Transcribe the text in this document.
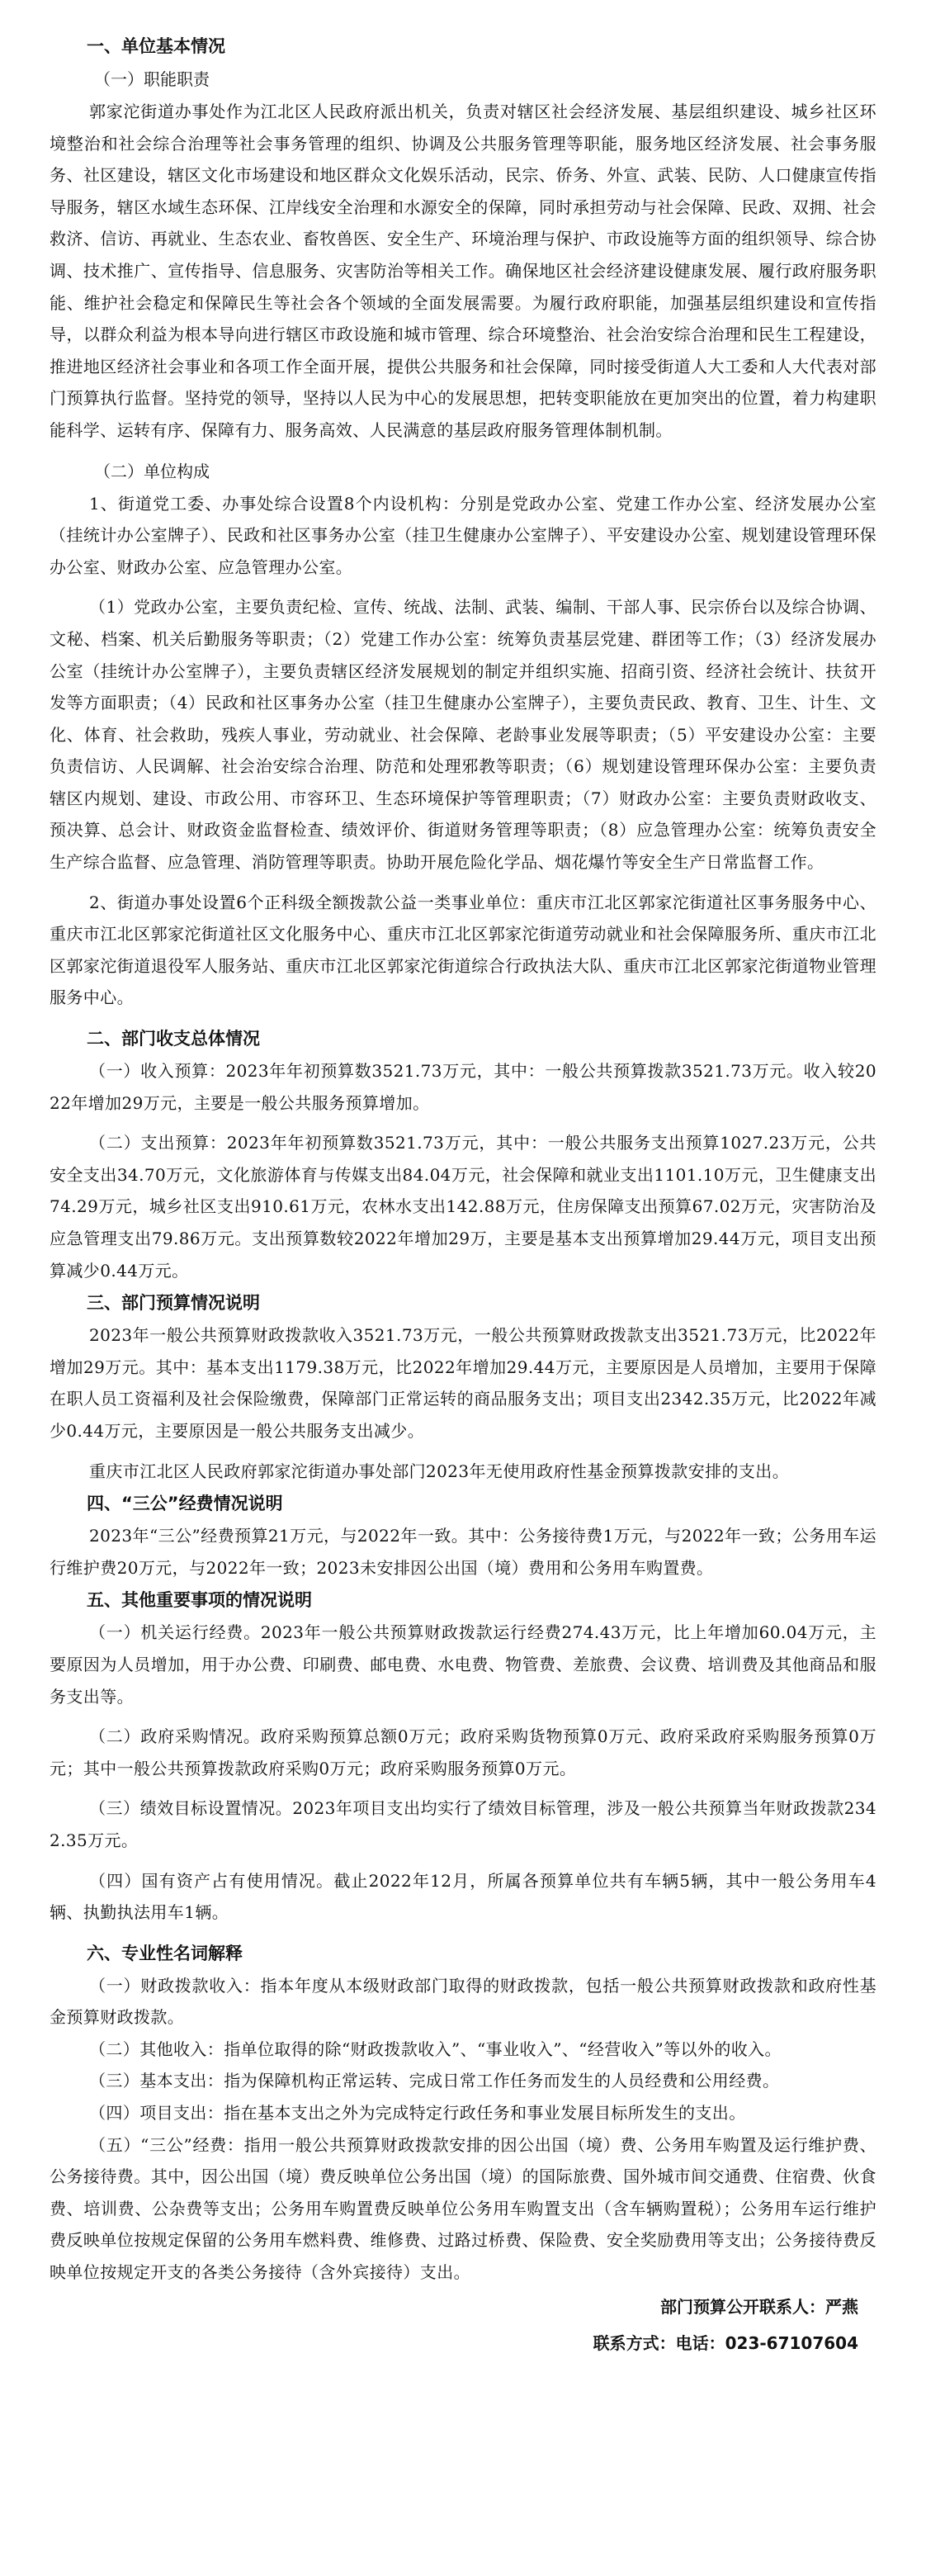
一、单位基本情况

（一）职能职责

郭家沱街道办事处作为江北区人民政府派出机关，负责对辖区社会经济发展、基层组织建设、城乡社区环境整治和社会综合治理等社会事务管理的组织、协调及公共服务管理等职能，服务地区经济发展、社会事务服务、社区建设，辖区文化市场建设和地区群众文化娱乐活动，民宗、侨务、外宣、武装、民防、人口健康宣传指导服务，辖区水域生态环保、江岸线安全治理和水源安全的保障，同时承担劳动与社会保障、民政、双拥、社会救济、信访、再就业、生态农业、畜牧兽医、安全生产、环境治理与保护、市政设施等方面的组织领导、综合协调、技术推广、宣传指导、信息服务、灾害防治等相关工作。确保地区社会经济建设健康发展、履行政府服务职能、维护社会稳定和保障民生等社会各个领域的全面发展需要。为履行政府职能，加强基层组织建设和宣传指导，以群众利益为根本导向进行辖区市政设施和城市管理、综合环境整治、社会治安综合治理和民生工程建设，推进地区经济社会事业和各项工作全面开展，提供公共服务和社会保障，同时接受街道人大工委和人大代表对部门预算执行监督。坚持党的领导，坚持以人民为中心的发展思想，把转变职能放在更加突出的位置，着力构建职能科学、运转有序、保障有力、服务高效、人民满意的基层政府服务管理体制机制。

（二）单位构成

1、街道党工委、办事处综合设置8个内设机构：分别是党政办公室、党建工作办公室、经济发展办公室（挂统计办公室牌子）、民政和社区事务办公室（挂卫生健康办公室牌子）、平安建设办公室、规划建设管理环保办公室、财政办公室、应急管理办公室。

（1）党政办公室，主要负责纪检、宣传、统战、法制、武装、编制、干部人事、民宗侨台以及综合协调、文秘、档案、机关后勤服务等职责；（2）党建工作办公室：统筹负责基层党建、群团等工作；（3）经济发展办公室（挂统计办公室牌子），主要负责辖区经济发展规划的制定并组织实施、招商引资、经济社会统计、扶贫开发等方面职责；（4）民政和社区事务办公室（挂卫生健康办公室牌子），主要负责民政、教育、卫生、计生、文化、体育、社会救助，残疾人事业，劳动就业、社会保障、老龄事业发展等职责；（5）平安建设办公室：主要负责信访、人民调解、社会治安综合治理、防范和处理邪教等职责；（6）规划建设管理环保办公室：主要负责辖区内规划、建设、市政公用、市容环卫、生态环境保护等管理职责；（7）财政办公室：主要负责财政收支、预决算、总会计、财政资金监督检查、绩效评价、街道财务管理等职责；（8）应急管理办公室：统筹负责安全生产综合监督、应急管理、消防管理等职责。协助开展危险化学品、烟花爆竹等安全生产日常监督工作。

2、街道办事处设置6个正科级全额拨款公益一类事业单位：重庆市江北区郭家沱街道社区事务服务中心、重庆市江北区郭家沱街道社区文化服务中心、重庆市江北区郭家沱街道劳动就业和社会保障服务所、重庆市江北区郭家沱街道退役军人服务站、重庆市江北区郭家沱街道综合行政执法大队、重庆市江北区郭家沱街道物业管理服务中心。

二、部门收支总体情况

（一）收入预算：2023年年初预算数3521.73万元，其中：一般公共预算拨款3521.73万元。收入较2022年增加29万元，主要是一般公共服务预算增加。

（二）支出预算：2023年年初预算数3521.73万元，其中：一般公共服务支出预算1027.23万元，公共安全支出34.70万元，文化旅游体育与传媒支出84.04万元，社会保障和就业支出1101.10万元，卫生健康支出74.29万元，城乡社区支出910.61万元，农林水支出142.88万元，住房保障支出预算67.02万元，灾害防治及应急管理支出79.86万元。支出预算数较2022年增加29万，主要是基本支出预算增加29.44万元，项目支出预算减少0.44万元。

三、部门预算情况说明

2023年一般公共预算财政拨款收入3521.73万元，一般公共预算财政拨款支出3521.73万元，比2022年增加29万元。其中：基本支出1179.38万元，比2022年增加29.44万元，主要原因是人员增加，主要用于保障在职人员工资福利及社会保险缴费，保障部门正常运转的商品服务支出；项目支出2342.35万元，比2022年减少0.44万元，主要原因是一般公共服务支出减少。

重庆市江北区人民政府郭家沱街道办事处部门2023年无使用政府性基金预算拨款安排的支出。

四、“三公”经费情况说明

2023年“三公”经费预算21万元，与2022年一致。其中：公务接待费1万元，与2022年一致；公务用车运行维护费20万元，与2022年一致；2023未安排因公出国（境）费用和公务用车购置费。

五、其他重要事项的情况说明

（一）机关运行经费。2023年一般公共预算财政拨款运行经费274.43万元，比上年增加60.04万元，主要原因为人员增加，用于办公费、印刷费、邮电费、水电费、物管费、差旅费、会议费、培训费及其他商品和服务支出等。

（二）政府采购情况。政府采购预算总额0万元；政府采购货物预算0万元、政府采政府采购服务预算0万元；其中一般公共预算拨款政府采购0万元；政府采购服务预算0万元。

（三）绩效目标设置情况。2023年项目支出均实行了绩效目标管理，涉及一般公共预算当年财政拨款2342.35万元。

（四）国有资产占有使用情况。截止2022年12月，所属各预算单位共有车辆5辆，其中一般公务用车4辆、执勤执法用车1辆。

六、专业性名词解释

（一）财政拨款收入：指本年度从本级财政部门取得的财政拨款，包括一般公共预算财政拨款和政府性基金预算财政拨款。

（二）其他收入：指单位取得的除“财政拨款收入”、“事业收入”、“经营收入”等以外的收入。

（三）基本支出：指为保障机构正常运转、完成日常工作任务而发生的人员经费和公用经费。

（四）项目支出：指在基本支出之外为完成特定行政任务和事业发展目标所发生的支出。

（五）“三公”经费：指用一般公共预算财政拨款安排的因公出国（境）费、公务用车购置及运行维护费、公务接待费。其中，因公出国（境）费反映单位公务出国（境）的国际旅费、国外城市间交通费、住宿费、伙食费、培训费、公杂费等支出；公务用车购置费反映单位公务用车购置支出（含车辆购置税）；公务用车运行维护费反映单位按规定保留的公务用车燃料费、维修费、过路过桥费、保险费、安全奖励费用等支出；公务接待费反映单位按规定开支的各类公务接待（含外宾接待）支出。

部门预算公开联系人：严燕

联系方式：电话：023-67107604
